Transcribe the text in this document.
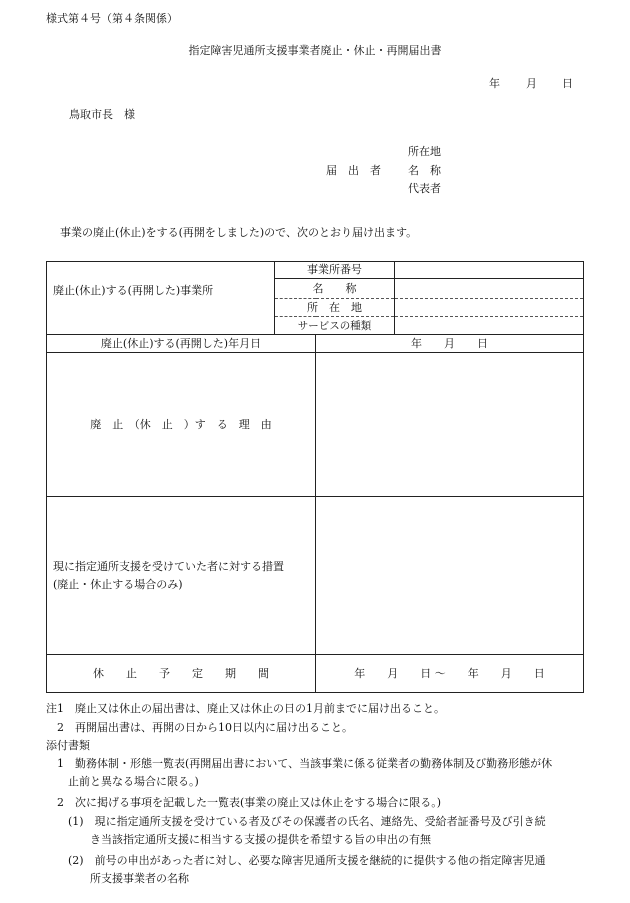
様式第４号（第４条関係）
指定障害児通所支援事業者廃止・休止・再開届出書
年 月 日
鳥取市長　様
届　出　者
所在地
名　称
代表者
事業の廃止(休止)をする(再開をしました)ので、次のとおり届け出ます。
廃止(休止)する(再開した)事業所	事業所番号		
	名　　称		
	所　在　地		
	サービスの種類		
廃止(休止)する(再開した)年月日		年　　月　　日	
廃　止　（休　止　）す　る　理　由			

現に指定通所支援を受けていた者に対する措置
(廃止・休止する場合のみ)			

休　　止　　予　　定　　期　　間		年　　月　　日 ～　　年　　月　　日	
注1　廃止又は休止の届出書は、廃止又は休止の日の1月前までに届け出ること。
　2　再開届出書は、再開の日から10日以内に届け出ること。
添付書類
　1　勤務体制・形態一覧表(再開届出書において、当該事業に係る従業者の勤務体制及び勤務形態が休
　　止前と異なる場合に限る。)
　2　次に掲げる事項を記載した一覧表(事業の廃止又は休止をする場合に限る。)
　　(1)　現に指定通所支援を受けている者及びその保護者の氏名、連絡先、受給者証番号及び引き続
　　　　き当該指定通所支援に相当する支援の提供を希望する旨の申出の有無
　　(2)　前号の申出があった者に対し、必要な障害児通所支援を継続的に提供する他の指定障害児通
　　　　所支援事業者の名称
